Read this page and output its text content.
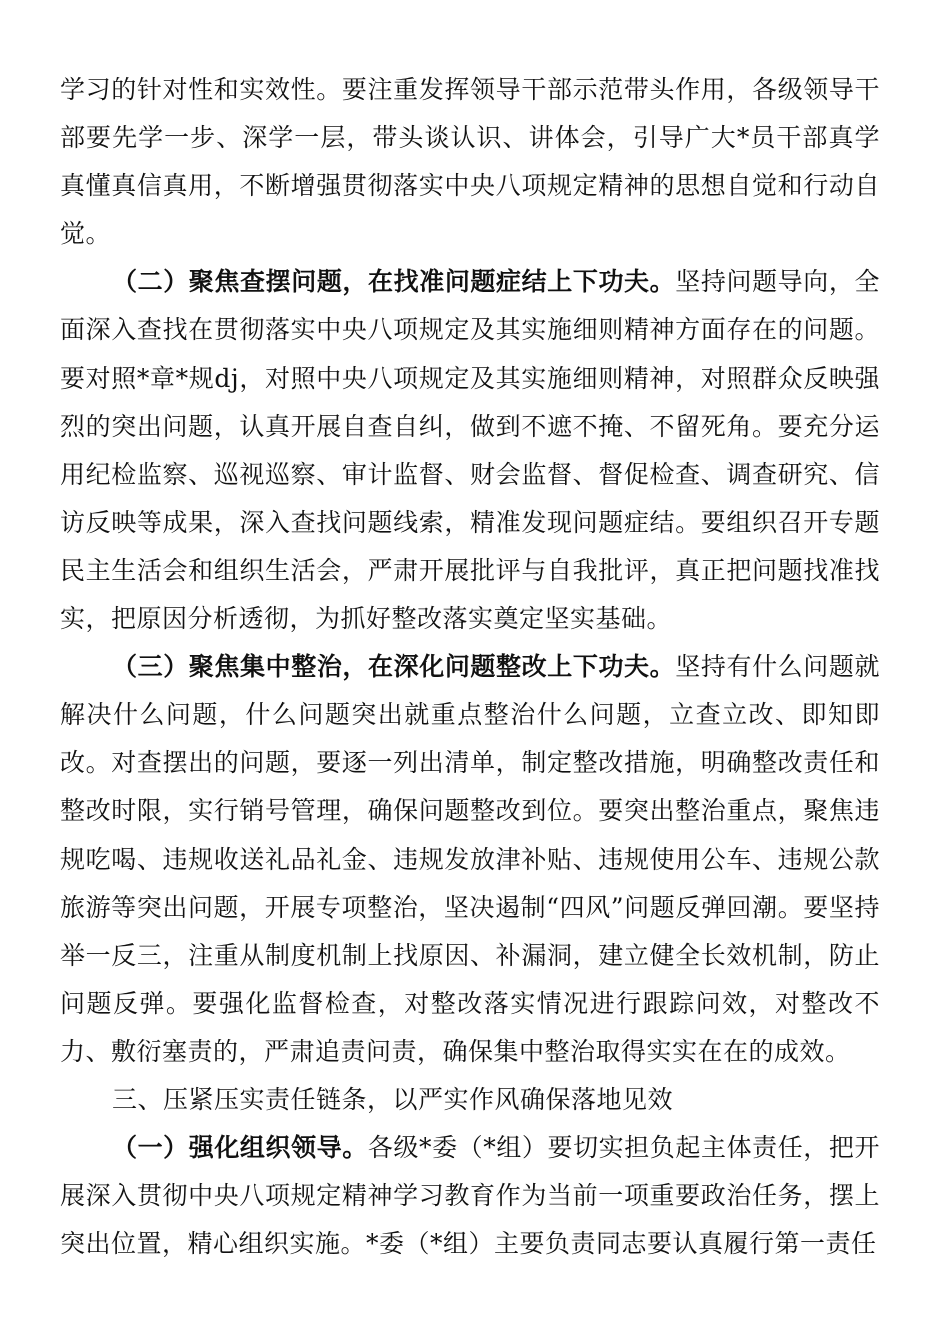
学习的针对性和实效性。要注重发挥领导干部示范带头作用，各级领导干部要先学一步、深学一层，带头谈认识、讲体会，引导广大*员干部真学真懂真信真用，不断增强贯彻落实中央八项规定精神的思想自觉和行动自觉。

（二）聚焦查摆问题，在找准问题症结上下功夫。坚持问题导向，全面深入查找在贯彻落实中央八项规定及其实施细则精神方面存在的问题。要对照*章*规dj，对照中央八项规定及其实施细则精神，对照群众反映强烈的突出问题，认真开展自查自纠，做到不遮不掩、不留死角。要充分运用纪检监察、巡视巡察、审计监督、财会监督、督促检查、调查研究、信访反映等成果，深入查找问题线索，精准发现问题症结。要组织召开专题民主生活会和组织生活会，严肃开展批评与自我批评，真正把问题找准找实，把原因分析透彻，为抓好整改落实奠定坚实基础。

（三）聚焦集中整治，在深化问题整改上下功夫。坚持有什么问题就解决什么问题，什么问题突出就重点整治什么问题，立查立改、即知即改。对查摆出的问题，要逐一列出清单，制定整改措施，明确整改责任和整改时限，实行销号管理，确保问题整改到位。要突出整治重点，聚焦违规吃喝、违规收送礼品礼金、违规发放津补贴、违规使用公车、违规公款旅游等突出问题，开展专项整治，坚决遏制“四风”问题反弹回潮。要坚持举一反三，注重从制度机制上找原因、补漏洞，建立健全长效机制，防止问题反弹。要强化监督检查，对整改落实情况进行跟踪问效，对整改不力、敷衍塞责的，严肃追责问责，确保集中整治取得实实在在的成效。

三、压紧压实责任链条，以严实作风确保落地见效

（一）强化组织领导。各级*委（*组）要切实担负起主体责任，把开展深入贯彻中央八项规定精神学习教育作为当前一项重要政治任务，摆上突出位置，精心组织实施。*委（*组）主要负责同志要认真履行第一责任
